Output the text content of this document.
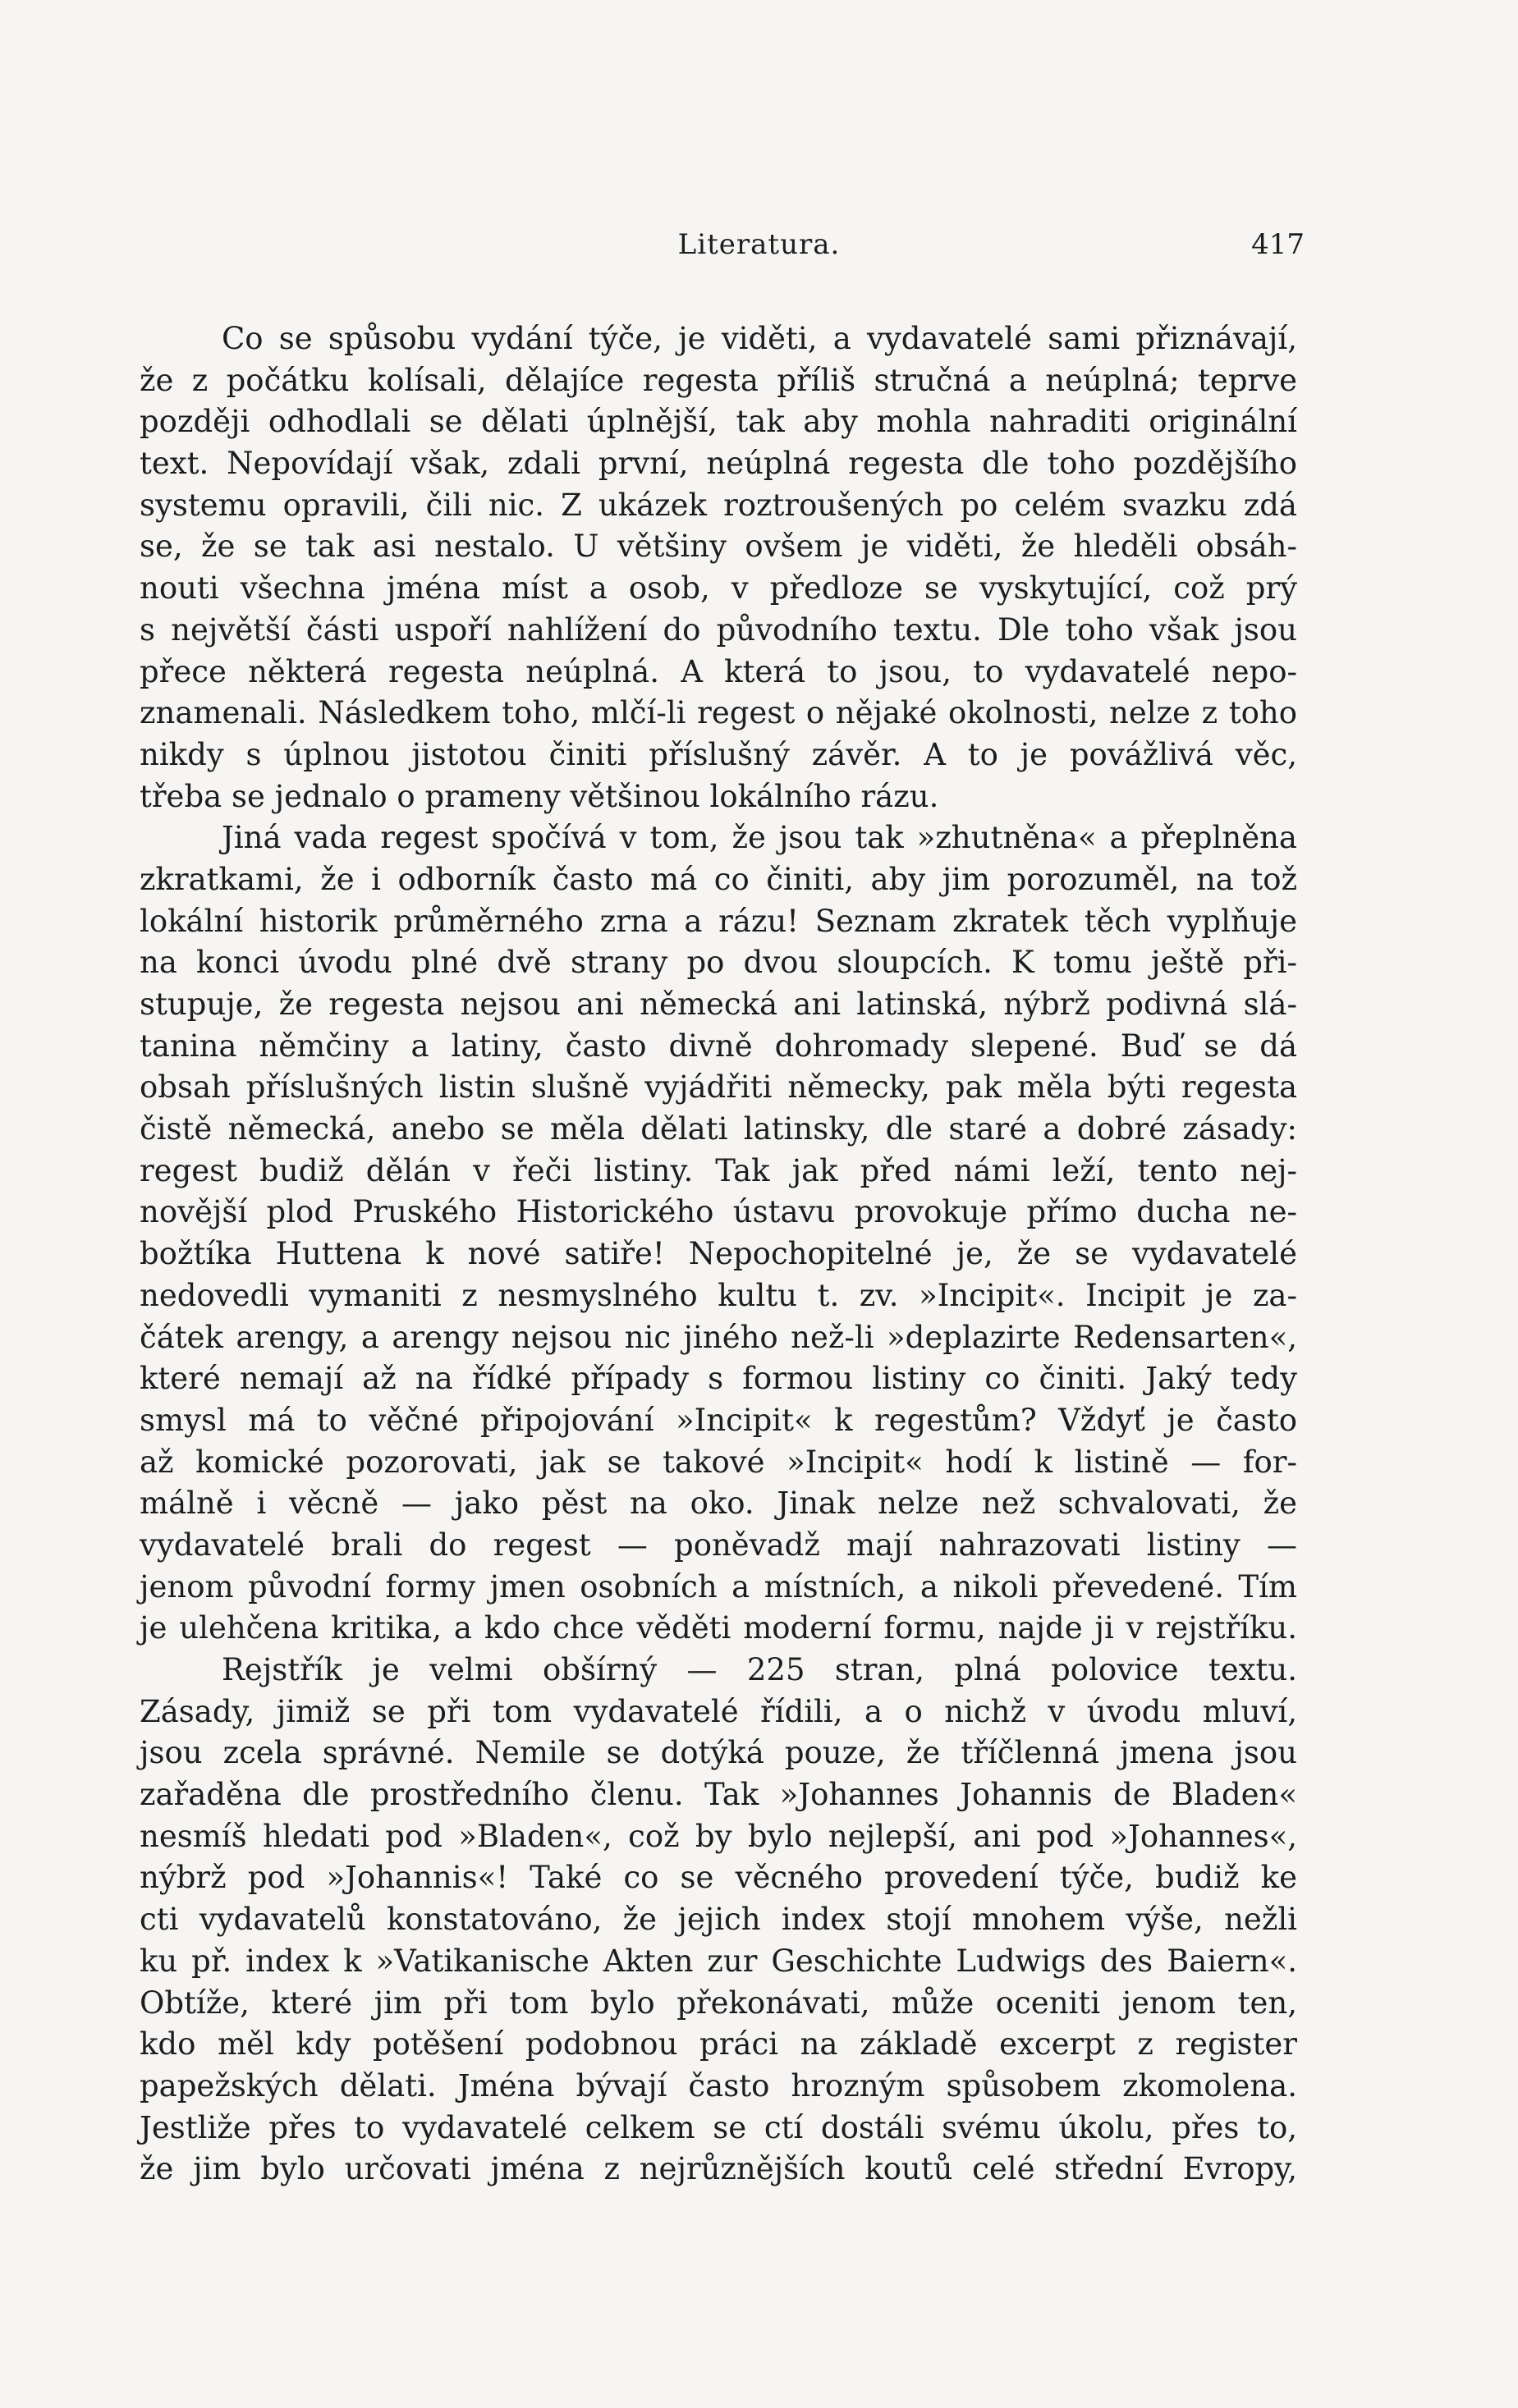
Literatura.	417
Co se spůsobu vydání týče, je viděti, a vydavatelé sami přiznávají,
že z počátku kolísali, dělajíce regesta příliš stručná a neúplná; teprve
později odhodlali se dělati úplnější, tak aby mohla nahraditi originální
text. Nepovídají však, zdali první, neúplná regesta dle toho pozdějšího
systemu opravili, čili nic. Z ukázek roztroušených po celém svazku zdá
se, že se tak asi nestalo. U většiny ovšem je viděti, že hleděli obsáh-
nouti všechna jména míst a osob, v předloze se vyskytující, což prý
s největší části uspoří nahlížení do původního textu. Dle toho však jsou
přece některá regesta neúplná. A která to jsou, to vydavatelé nepo-
znamenali. Následkem toho, mlčí-li regest o nějaké okolnosti, nelze z toho
nikdy s úplnou jistotou činiti příslušný závěr. A to je povážlivá věc,
třeba se jednalo o prameny většinou lokálního rázu.
Jiná vada regest spočívá v tom, že jsou tak »zhutněna« a přeplněna
zkratkami, že i odborník často má co činiti, aby jim porozuměl, na tož
lokální historik průměrného zrna a rázu! Seznam zkratek těch vyplňuje
na konci úvodu plné dvě strany po dvou sloupcích. K tomu ještě při-
stupuje, že regesta nejsou ani německá ani latinská, nýbrž podivná slá-
tanina němčiny a latiny, často divně dohromady slepené. Buď se dá
obsah příslušných listin slušně vyjádřiti německy, pak měla býti regesta
čistě německá, anebo se měla dělati latinsky, dle staré a dobré zásady:
regest budiž dělán v řeči listiny. Tak jak před námi leží, tento nej-
novější plod Pruského Historického ústavu provokuje přímo ducha ne-
božtíka Huttena k nové satiře! Nepochopitelné je, že se vydavatelé
nedovedli vymaniti z nesmyslného kultu t. zv. »Incipit«. Incipit je za-
čátek arengy, a arengy nejsou nic jiného než-li »deplazirte Redensarten«,
které nemají až na řídké případy s formou listiny co činiti. Jaký tedy
smysl má to věčné připojování »Incipit« k regestům? Vždyť je často
až komické pozorovati, jak se takové »Incipit« hodí k listině — for-
málně i věcně — jako pěst na oko. Jinak nelze než schvalovati, že
vydavatelé brali do regest — poněvadž mají nahrazovati listiny —
jenom původní formy jmen osobních a místních, a nikoli převedené. Tím
je ulehčena kritika, a kdo chce věděti moderní formu, najde ji v rejstříku.
Rejstřík je velmi obšírný — 225 stran, plná polovice textu.
Zásady, jimiž se při tom vydavatelé řídili, a o nichž v úvodu mluví,
jsou zcela správné. Nemile se dotýká pouze, že tříčlenná jmena jsou
zařaděna dle prostředního členu. Tak »Johannes Johannis de Bladen«
nesmíš hledati pod »Bladen«, což by bylo nejlepší, ani pod »Johannes«,
nýbrž pod »Johannis«! Také co se věcného provedení týče, budiž ke
cti vydavatelů konstatováno, že jejich index stojí mnohem výše, nežli
ku př. index k »Vatikanische Akten zur Geschichte Ludwigs des Baiern«.
Obtíže, které jim při tom bylo překonávati, může oceniti jenom ten,
kdo měl kdy potěšení podobnou práci na základě excerpt z register
papežských dělati. Jména bývají často hrozným spůsobem zkomolena.
Jestliže přes to vydavatelé celkem se ctí dostáli svému úkolu, přes to,
že jim bylo určovati jména z nejrůznějších koutů celé střední Evropy,
